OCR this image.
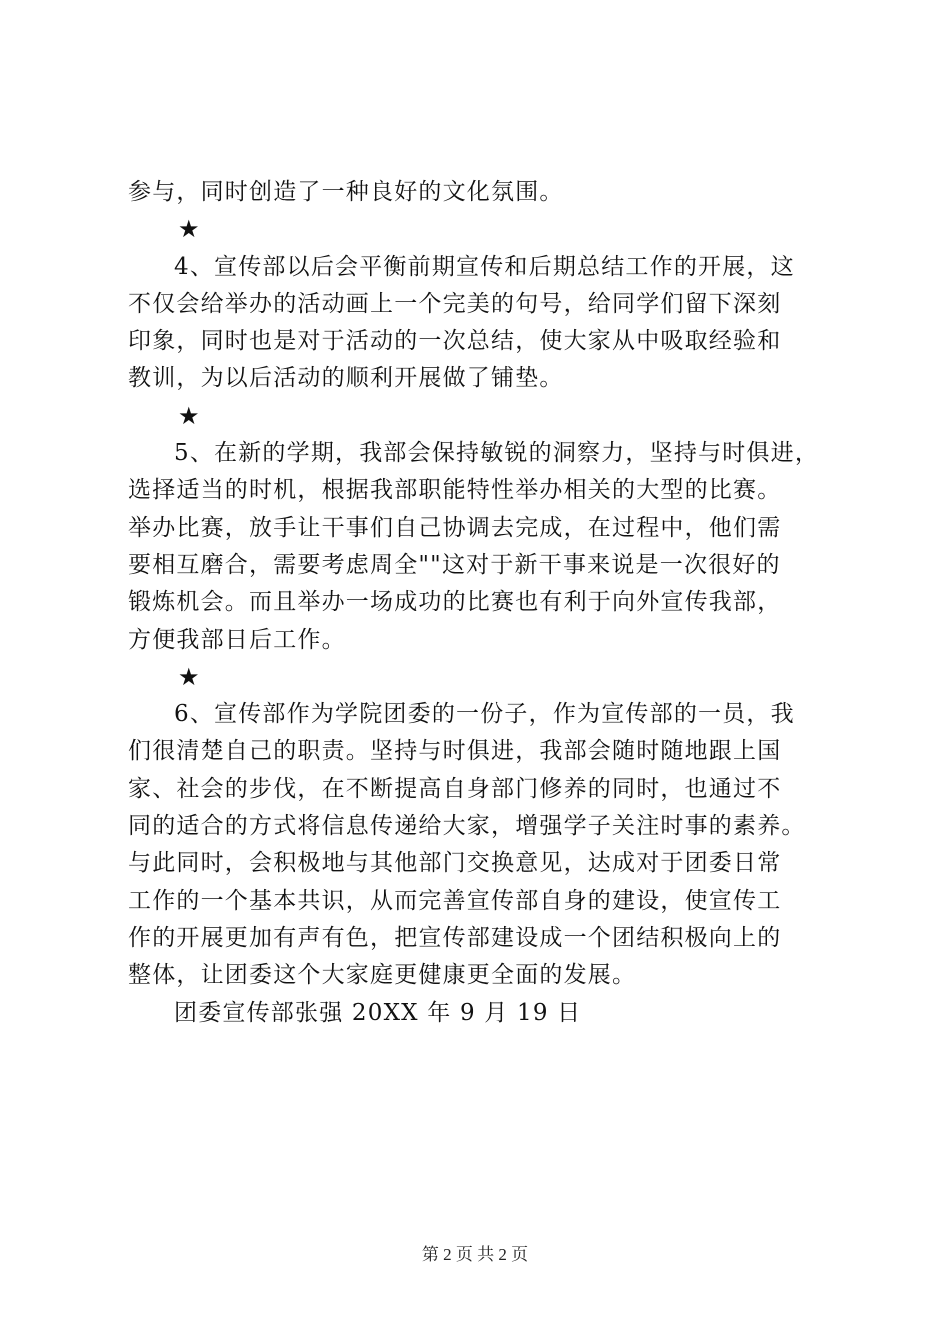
参与，同时创造了一种良好的文化氛围。
★
4、宣传部以后会平衡前期宣传和后期总结工作的开展，这
不仅会给举办的活动画上一个完美的句号，给同学们留下深刻
印象，同时也是对于活动的一次总结，使大家从中吸取经验和
教训，为以后活动的顺利开展做了铺垫。
★
5、在新的学期，我部会保持敏锐的洞察力，坚持与时俱进，
选择适当的时机，根据我部职能特性举办相关的大型的比赛。
举办比赛，放手让干事们自己协调去完成，在过程中，他们需
要相互磨合，需要考虑周全""这对于新干事来说是一次很好的
锻炼机会。而且举办一场成功的比赛也有利于向外宣传我部，
方便我部日后工作。
★
6、宣传部作为学院团委的一份子，作为宣传部的一员，我
们很清楚自己的职责。坚持与时俱进，我部会随时随地跟上国
家、社会的步伐，在不断提高自身部门修养的同时，也通过不
同的适合的方式将信息传递给大家，增强学子关注时事的素养。
与此同时，会积极地与其他部门交换意见，达成对于团委日常
工作的一个基本共识，从而完善宣传部自身的建设，使宣传工
作的开展更加有声有色，把宣传部建设成一个团结积极向上的
整体，让团委这个大家庭更健康更全面的发展。
团委宣传部张强 20XX 年 9 月 19 日
第 2 页 共 2 页
